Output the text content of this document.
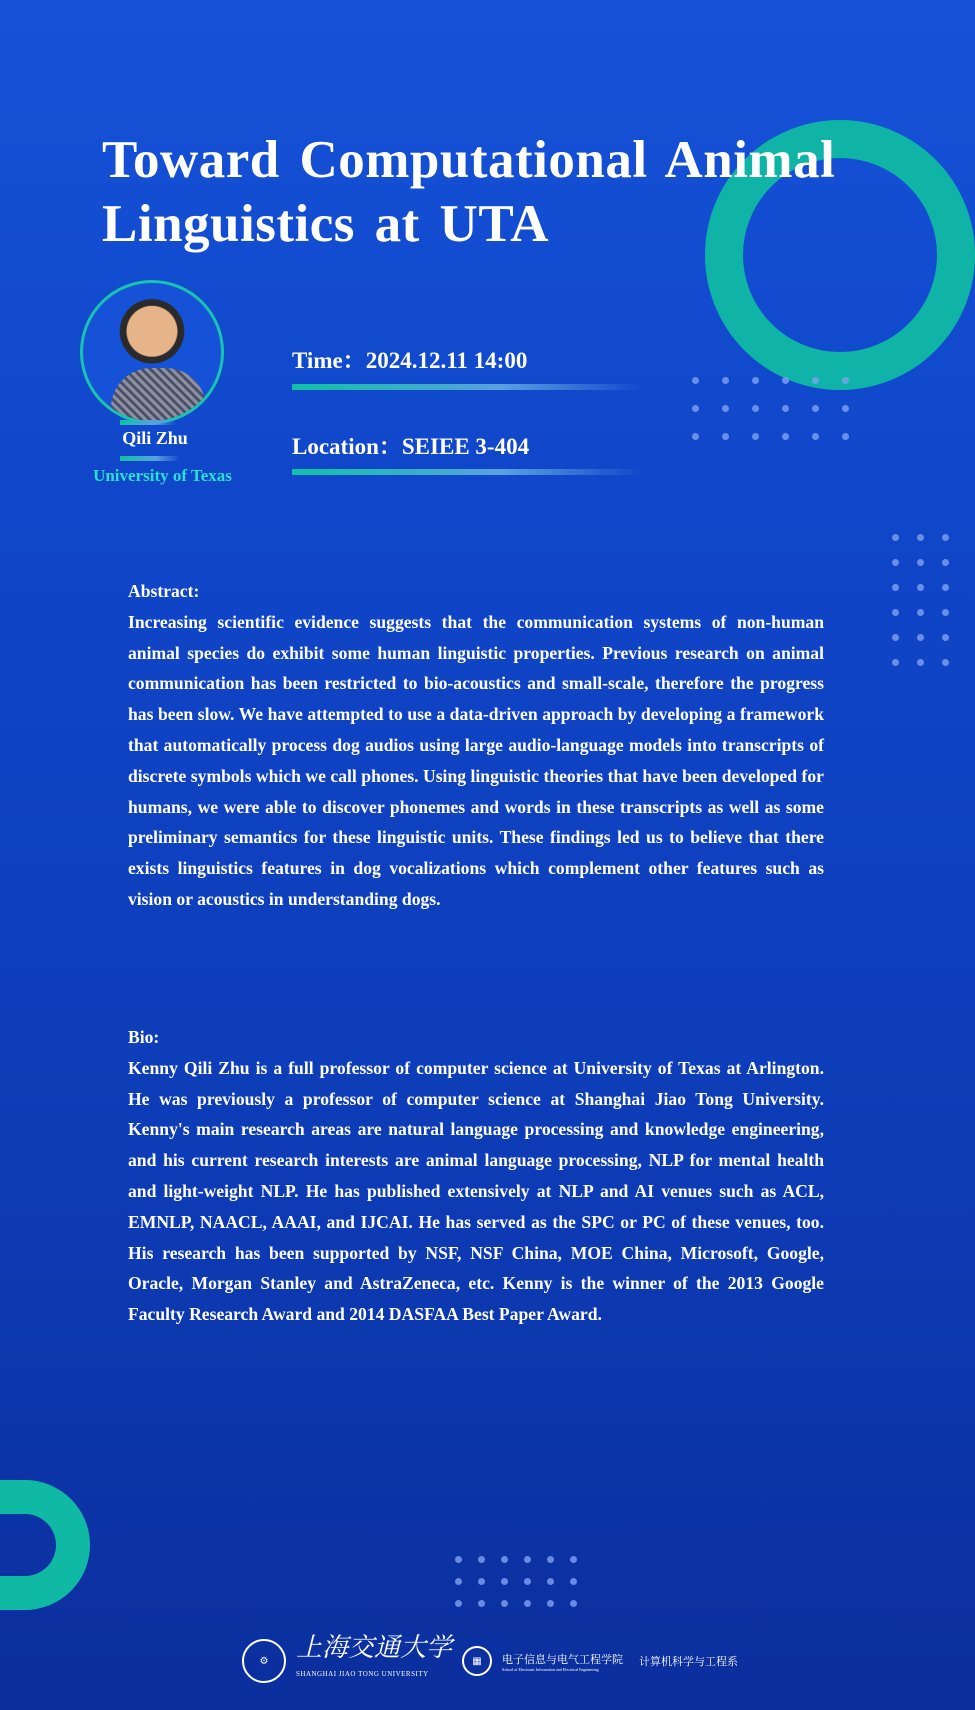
Toward Computational Animal Linguistics at UTA
Qili Zhu
University of Texas
Time：2024.12.11 14:00
Location：SEIEE 3-404
Abstract:
Increasing scientific evidence suggests that the communication systems of non-human animal species do exhibit some human linguistic properties. Previous research on animal communication has been restricted to bio-acoustics and small-scale, therefore the progress has been slow. We have attempted to use a data-driven approach by developing a framework that automatically process dog audios using large audio-language models into transcripts of discrete symbols which we call phones. Using linguistic theories that have been developed for humans, we were able to discover phonemes and words in these transcripts as well as some preliminary semantics for these linguistic units. These findings led us to believe that there exists linguistics features in dog vocalizations which complement other features such as vision or acoustics in understanding dogs.
Bio:
Kenny Qili Zhu is a full professor of computer science at University of Texas at Arlington. He was previously a professor of computer science at Shanghai Jiao Tong University. Kenny's main research areas are natural language processing and knowledge engineering, and his current research interests are animal language processing, NLP for mental health and light-weight NLP. He has published extensively at NLP and AI venues such as ACL, EMNLP, NAACL, AAAI, and IJCAI. He has served as the SPC or PC of these venues, too. His research has been supported by NSF, NSF China, MOE China, Microsoft, Google, Oracle, Morgan Stanley and AstraZeneca, etc. Kenny is the winner of the 2013 Google Faculty Research Award and 2014 DASFAA Best Paper Award.
⚙	上海交通大学
SHANGHAI JIAO TONG UNIVERSITY
▦	电子信息与电气工程学院
School of Electronic Information and Electrical Engineering
计算机科学与工程系
